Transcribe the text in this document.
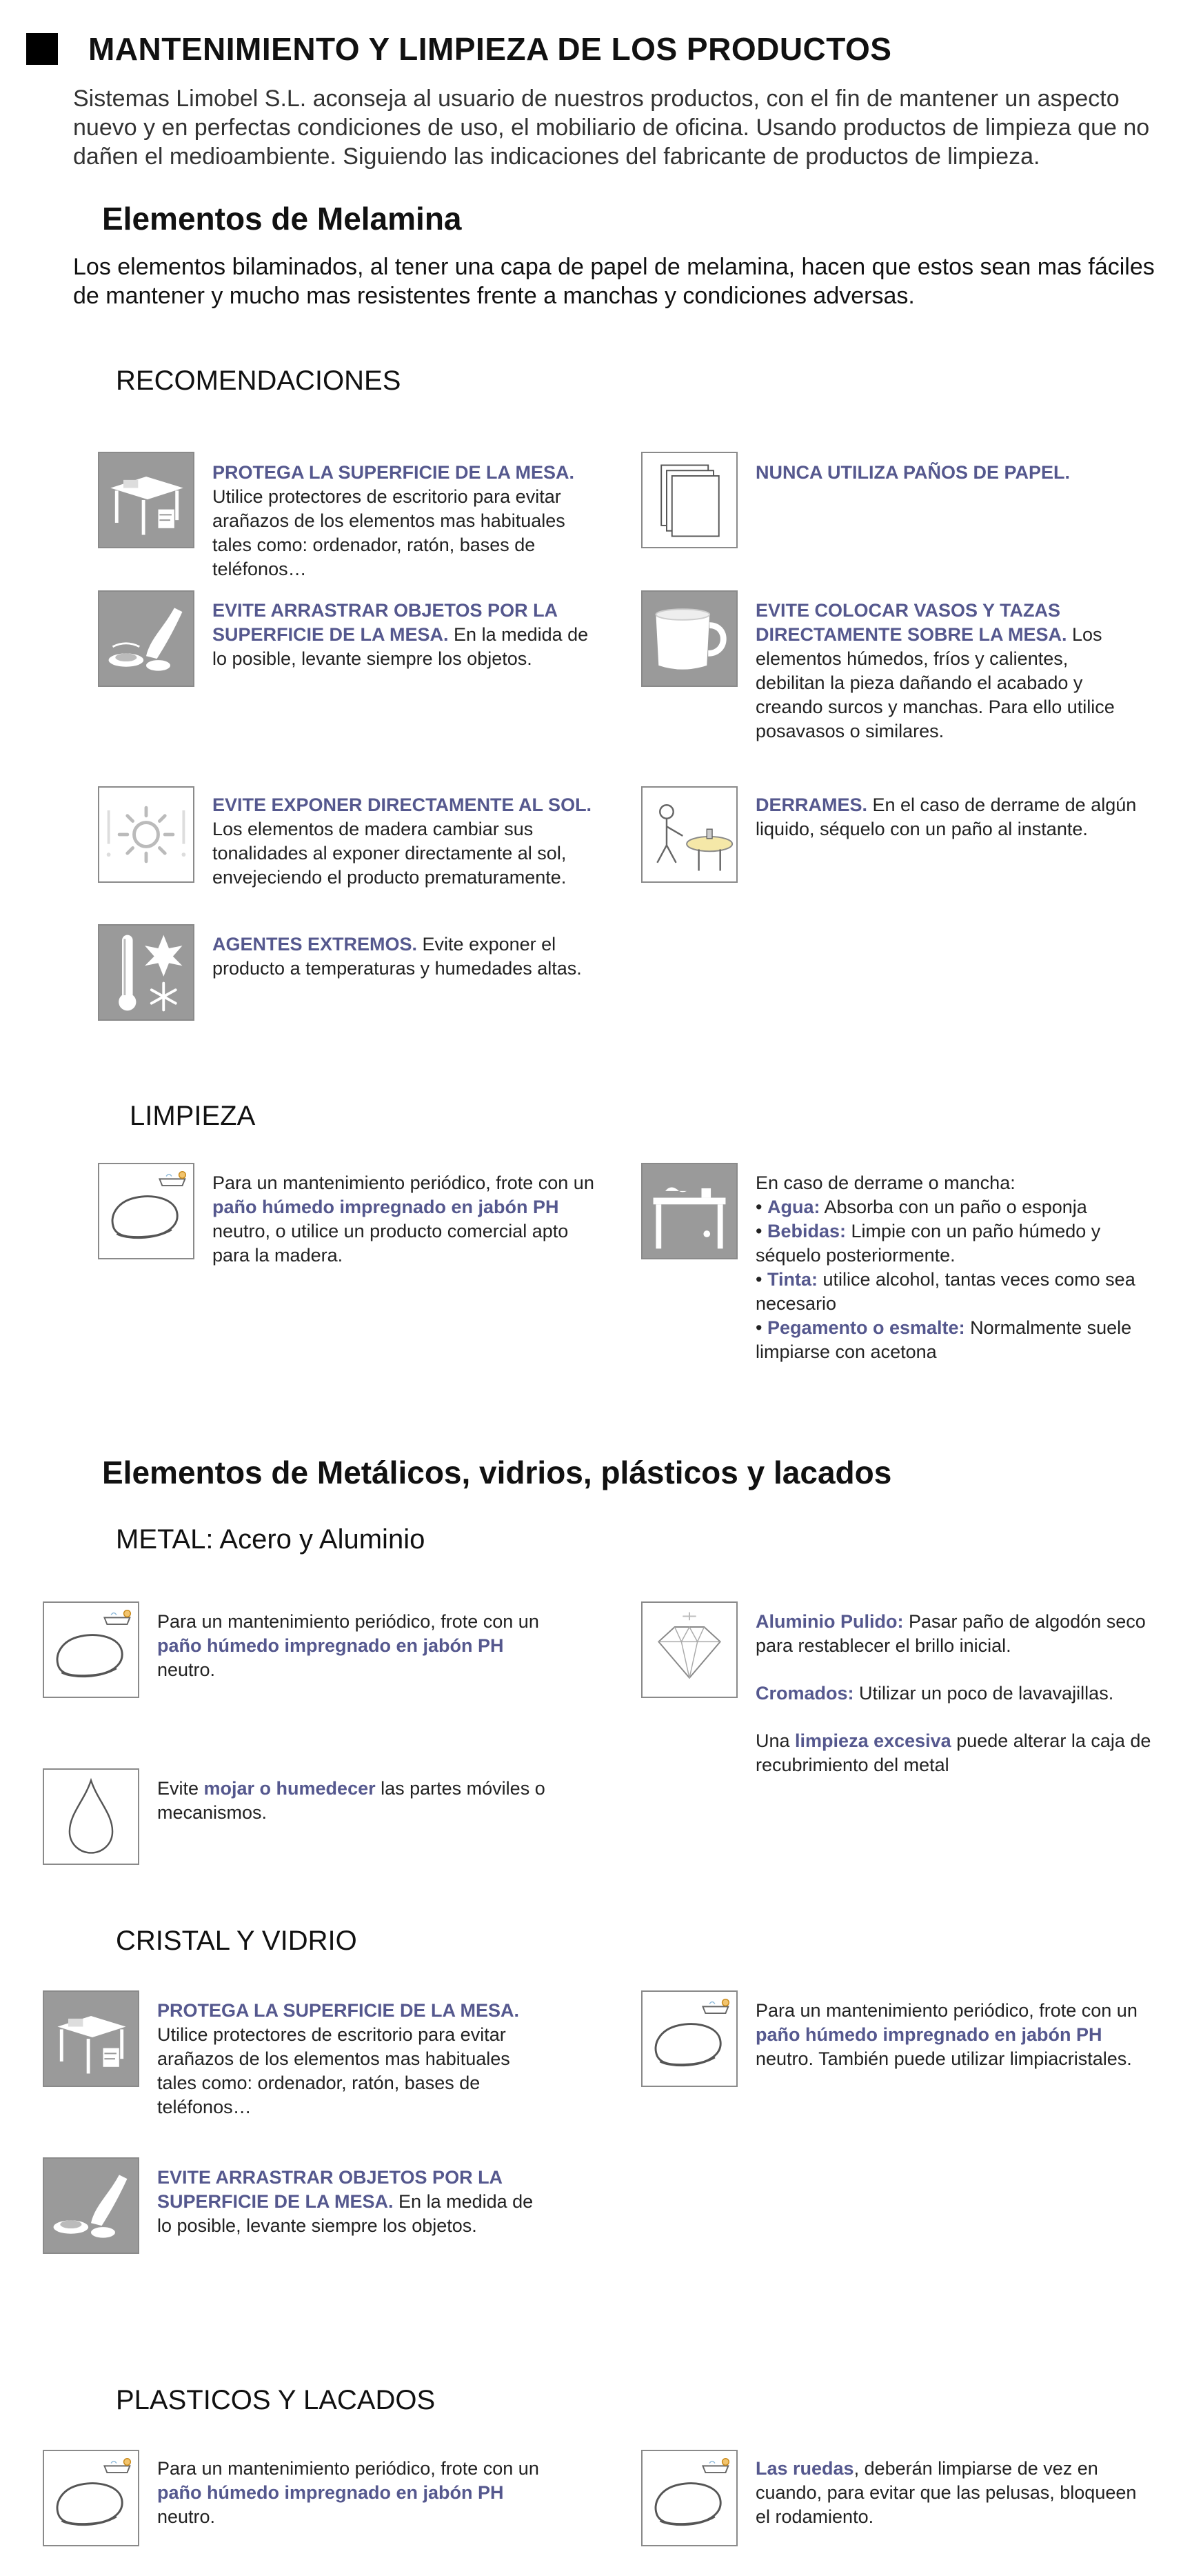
MANTENIMIENTO Y LIMPIEZA DE LOS PRODUCTOS
Sistemas Limobel S.L. aconseja al usuario de nuestros productos, con el fin de mantener un aspecto nuevo y en perfectas condiciones de uso, el mobiliario de oficina. Usando productos de limpieza que no dañen el medioambiente. Siguiendo las indicaciones del fabricante de productos de limpieza.
Elementos de Melamina
Los elementos bilaminados, al tener una capa de papel de melamina, hacen que estos sean mas fáciles
de mantener y mucho mas resistentes frente a manchas y condiciones adversas.
RECOMENDACIONES
PROTEGA LA SUPERFICIE DE LA MESA. Utilice protectores de escritorio para evitar arañazos de los elementos mas habituales tales como: ordenador, ratón, bases de teléfonos…
NUNCA UTILIZA PAÑOS DE PAPEL.
EVITE ARRASTRAR OBJETOS POR LA SUPERFICIE DE LA MESA. En la medida de lo posible, levante siempre los objetos.
EVITE COLOCAR VASOS Y TAZAS DIRECTAMENTE SOBRE LA MESA. Los elementos húmedos, fríos y calientes, debilitan la pieza dañando el acabado y creando surcos y manchas. Para ello utilice posavasos o similares.
EVITE EXPONER DIRECTAMENTE AL SOL. Los elementos de madera cambiar sus tonalidades al exponer directamente al sol, envejeciendo el producto prematuramente.
DERRAMES. En el caso de derrame de algún liquido, séquelo con un paño al instante.
AGENTES EXTREMOS. Evite exponer el producto a temperaturas y humedades altas.
LIMPIEZA
Para un mantenimiento periódico, frote con un paño húmedo impregnado en jabón PH neutro, o utilice un producto comercial apto para la madera.
En caso de derrame o mancha:
• Agua: Absorba con un paño o esponja
• Bebidas: Limpie con un paño húmedo y séquelo posteriormente.
• Tinta: utilice alcohol, tantas veces como sea necesario
• Pegamento o esmalte: Normalmente suele limpiarse con acetona
Elementos de Metálicos, vidrios, plásticos y lacados
METAL: Acero y Aluminio
Para un mantenimiento periódico, frote con un paño húmedo impregnado en jabón PH neutro.

Aluminio Pulido: Pasar paño de algodón seco para restablecer el brillo inicial.

Cromados: Utilizar un poco de lavavajillas.

Una limpieza excesiva puede alterar la caja de recubrimiento del metal

Evite mojar o humedecer las partes móviles o mecanismos.
CRISTAL Y VIDRIO
PROTEGA LA SUPERFICIE DE LA MESA. Utilice protectores de escritorio para evitar arañazos de los elementos mas habituales tales como: ordenador, ratón, bases de teléfonos…
Para un mantenimiento periódico, frote con un paño húmedo impregnado en jabón PH neutro. También puede utilizar limpiacristales.
EVITE ARRASTRAR OBJETOS POR LA SUPERFICIE DE LA MESA. En la medida de lo posible, levante siempre los objetos.
PLASTICOS Y LACADOS
Para un mantenimiento periódico, frote con un paño húmedo impregnado en jabón PH neutro.
Las ruedas, deberán limpiarse de vez en cuando, para evitar que las pelusas, bloqueen el rodamiento.
